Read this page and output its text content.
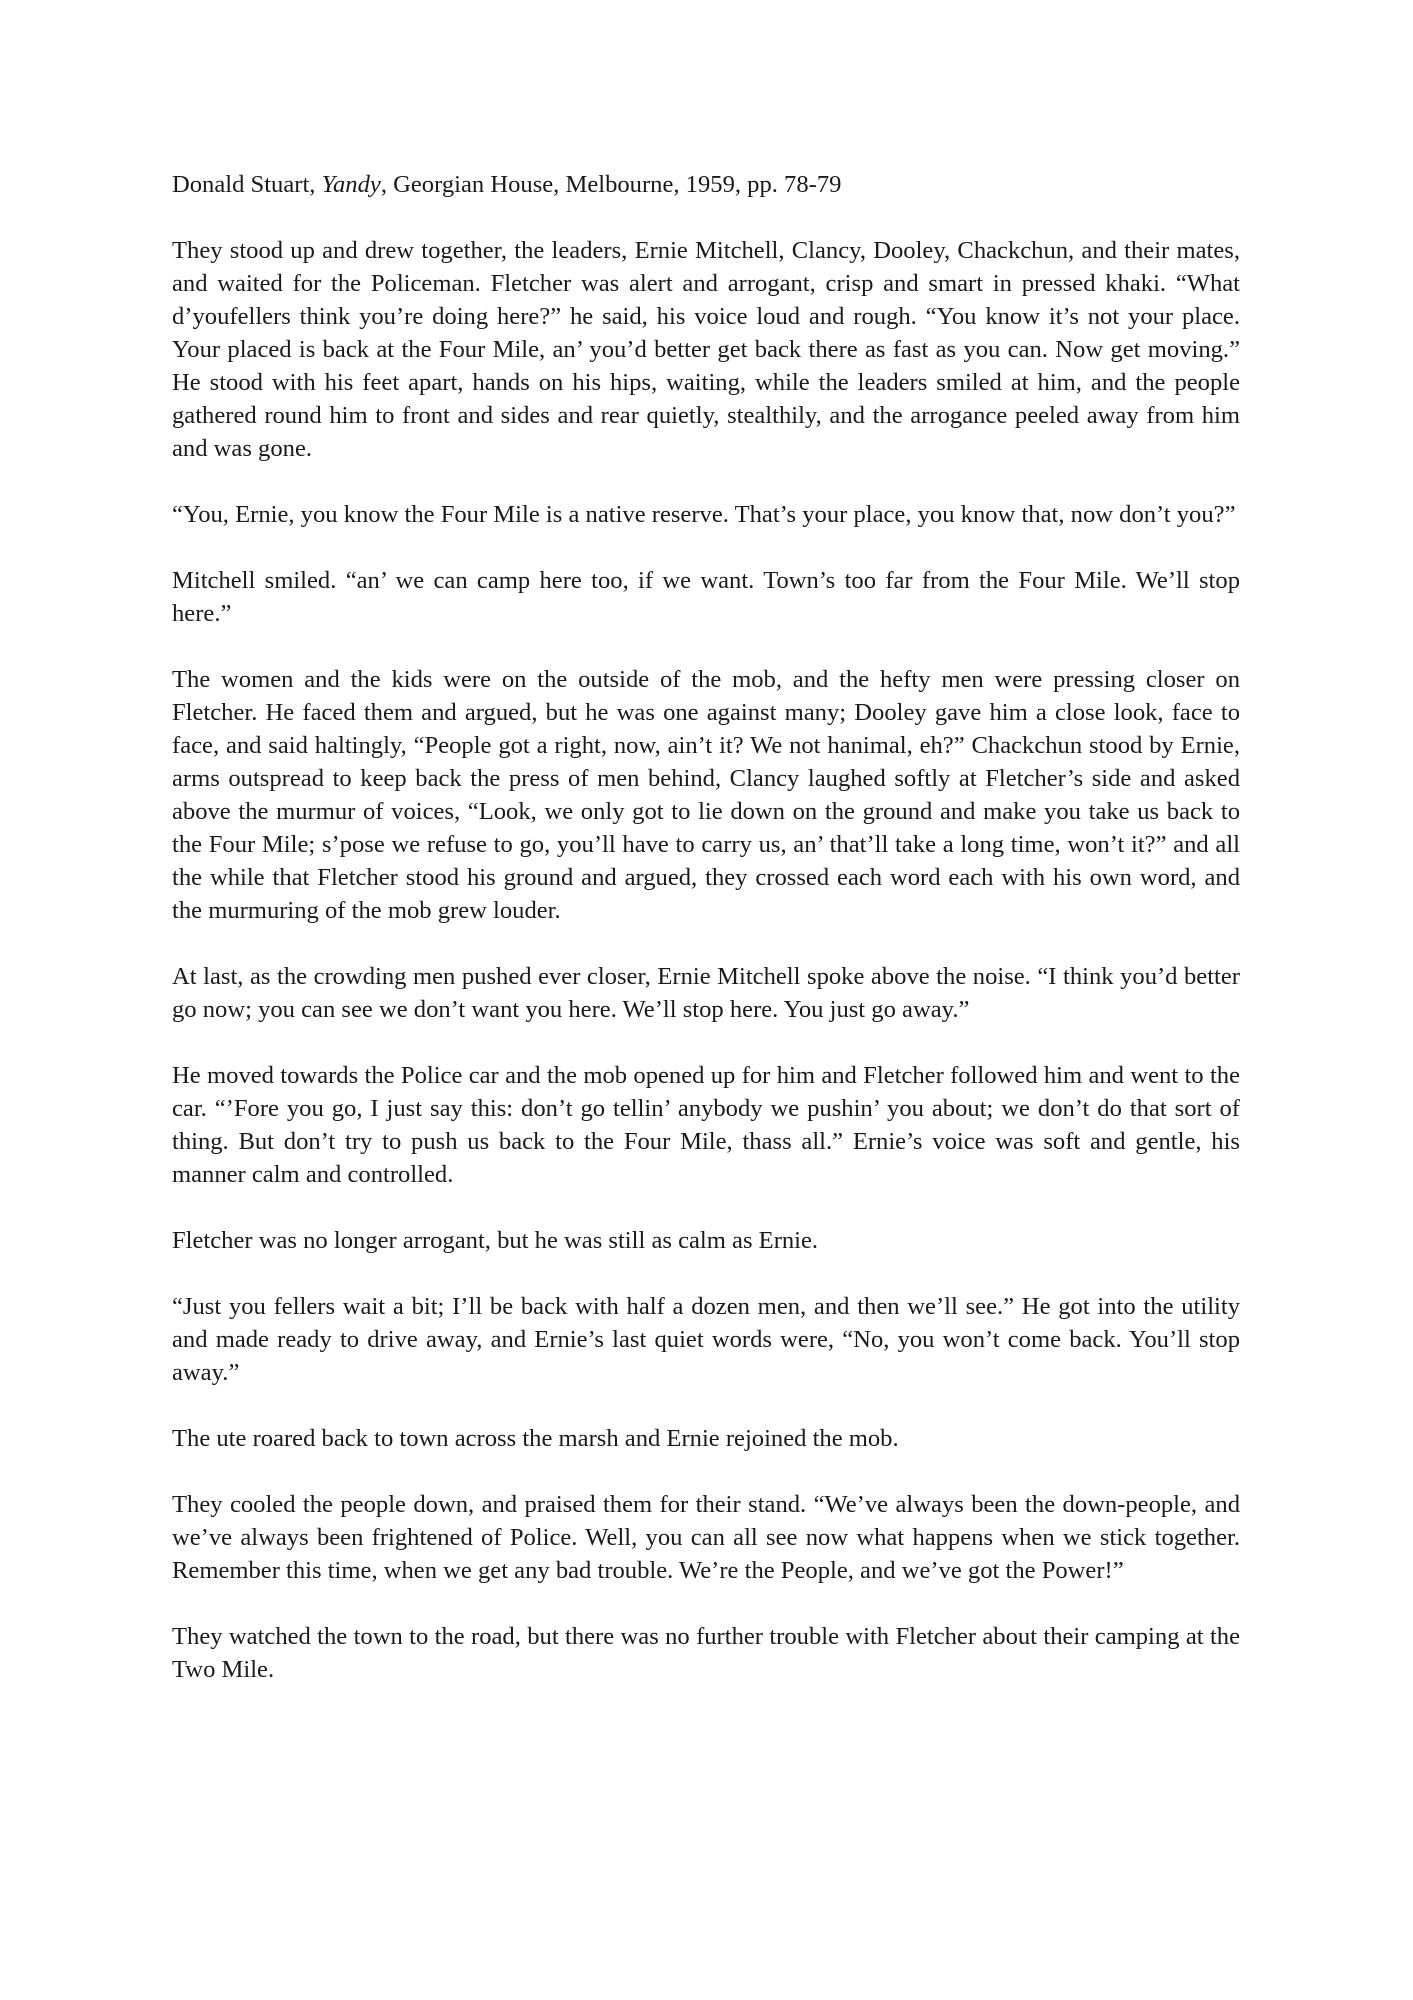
Donald Stuart, Yandy, Georgian House, Melbourne, 1959, pp. 78-79

They stood up and drew together, the leaders, Ernie Mitchell, Clancy, Dooley, Chackchun, and their mates, and waited for the Policeman. Fletcher was alert and arrogant, crisp and smart in pressed khaki. “What d’youfellers think you’re doing here?” he said, his voice loud and rough. “You know it’s not your place. Your placed is back at the Four Mile, an’ you’d better get back there as fast as you can. Now get moving.” He stood with his feet apart, hands on his hips, waiting, while the leaders smiled at him, and the people gathered round him to front and sides and rear quietly, stealthily, and the arrogance peeled away from him and was gone.

“You, Ernie, you know the Four Mile is a native reserve. That’s your place, you know that, now don’t you?”

Mitchell smiled. “an’ we can camp here too, if we want. Town’s too far from the Four Mile. We’ll stop here.”

The women and the kids were on the outside of the mob, and the hefty men were pressing closer on Fletcher. He faced them and argued, but he was one against many; Dooley gave him a close look, face to face, and said haltingly, “People got a right, now, ain’t it? We not hanimal, eh?” Chackchun stood by Ernie, arms outspread to keep back the press of men behind, Clancy laughed softly at Fletcher’s side and asked above the murmur of voices, “Look, we only got to lie down on the ground and make you take us back to the Four Mile; s’pose we refuse to go, you’ll have to carry us, an’ that’ll take a long time, won’t it?” and all the while that Fletcher stood his ground and argued, they crossed each word each with his own word, and the murmuring of the mob grew louder.

At last, as the crowding men pushed ever closer, Ernie Mitchell spoke above the noise. “I think you’d better go now; you can see we don’t want you here. We’ll stop here. You just go away.”

He moved towards the Police car and the mob opened up for him and Fletcher followed him and went to the car. “’Fore you go, I just say this: don’t go tellin’ anybody we pushin’ you about; we don’t do that sort of thing. But don’t try to push us back to the Four Mile, thass all.” Ernie’s voice was soft and gentle, his manner calm and controlled.

Fletcher was no longer arrogant, but he was still as calm as Ernie.

“Just you fellers wait a bit; I’ll be back with half a dozen men, and then we’ll see.” He got into the utility and made ready to drive away, and Ernie’s last quiet words were, “No, you won’t come back. You’ll stop away.”

The ute roared back to town across the marsh and Ernie rejoined the mob.

They cooled the people down, and praised them for their stand. “We’ve always been the down-people, and we’ve always been frightened of Police. Well, you can all see now what happens when we stick together. Remember this time, when we get any bad trouble. We’re the People, and we’ve got the Power!”

They watched the town to the road, but there was no further trouble with Fletcher about their camping at the Two Mile.
